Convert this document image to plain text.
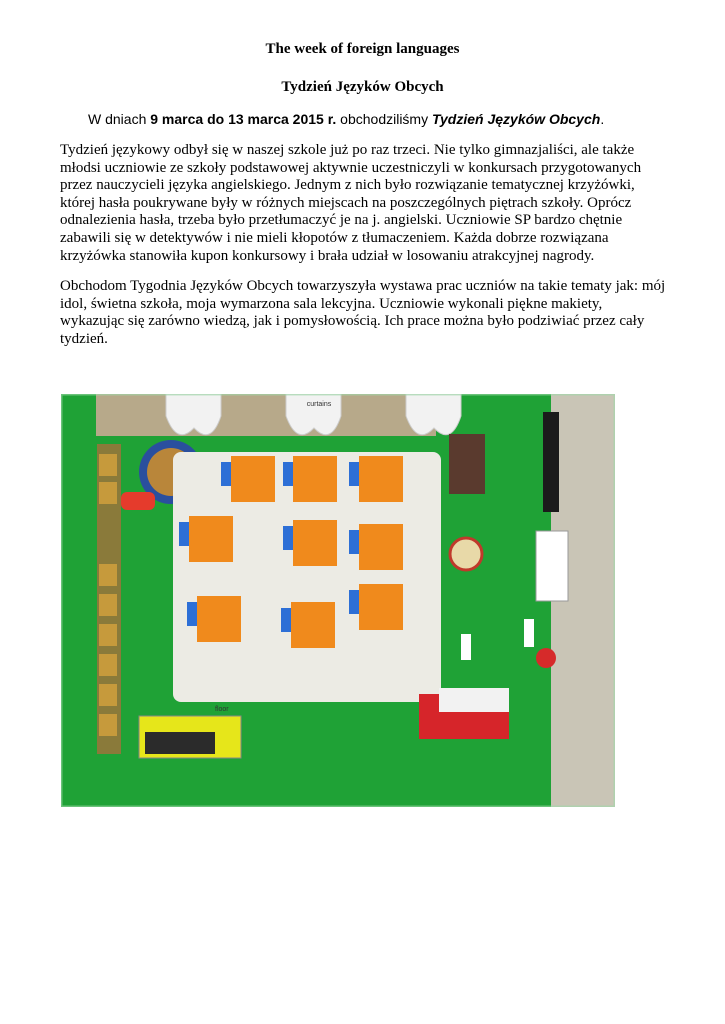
The week of foreign languages
Tydzień Języków Obcych
W dniach 9 marca do 13 marca 2015 r. obchodziliśmy Tydzień Języków Obcych.
Tydzień językowy odbył się w naszej szkole już po raz trzeci. Nie tylko gimnazjaliści, ale także młodsi uczniowie ze szkoły podstawowej aktywnie uczestniczyli w konkursach przygotowanych przez nauczycieli języka angielskiego. Jednym z nich było rozwiązanie tematycznej krzyżówki, której hasła poukrywane były w różnych miejscach na poszczególnych piętrach szkoły. Oprócz odnalezienia hasła, trzeba było przetłumaczyć je na j. angielski. Uczniowie SP bardzo chętnie zabawili się w detektywów i nie mieli kłopotów z tłumaczeniem. Każda dobrze rozwiązana krzyżówka stanowiła kupon konkursowy i brała udział w losowaniu atrakcyjnej nagrody.
Obchodom Tygodnia Języków Obcych towarzyszyła wystawa prac uczniów na takie tematy jak: mój idol, świetna szkoła, moja wymarzona sala lekcyjna. Uczniowie wykonali piękne makiety, wykazując się zarówno wiedzą, jak i pomysłowością. Ich prace można było podziwiać przez cały tydzień.
curtains
floor
